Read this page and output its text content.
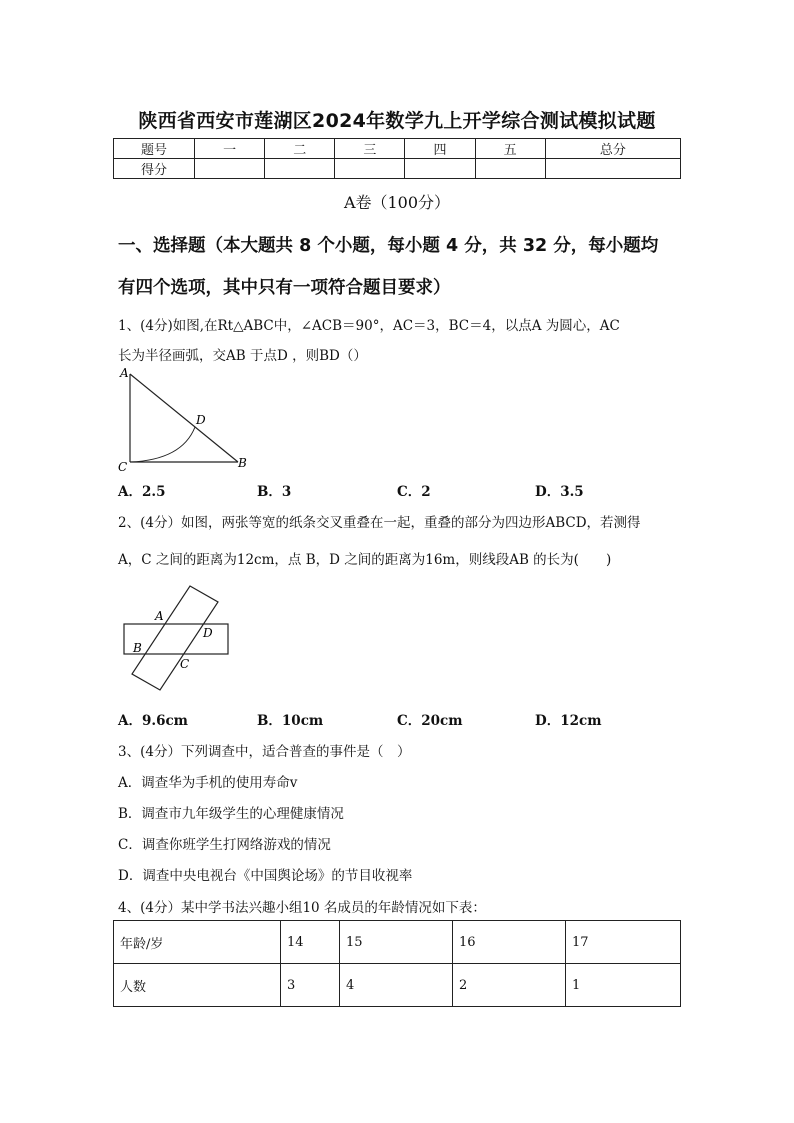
陕西省西安市莲湖区2024年数学九上开学综合测试模拟试题
题号	一	二	三	四	五	总分
得分						
A卷（100分）
一、选择题（本大题共 8 个小题，每小题 4 分，共 32 分，每小题均
有四个选项，其中只有一项符合题目要求）
1、(4分)如图,在Rt△ABC中，∠ACB＝90°，AC＝3，BC＝4，以点A 为圆心，AC
长为半径画弧，交AB 于点D ，则BD（）
A
D
C	B
A．2.5	B．3	C．2	D．3.5
2、(4分）如图，两张等宽的纸条交叉重叠在一起，重叠的部分为四边形ABCD，若测得
A，C 之间的距离为12cm，点 B，D 之间的距离为16m，则线段AB 的长为(　　)
A
D
B
C
A．9.6cm	B．10cm	C．20cm	D．12cm
3、(4分）下列调查中，适合普查的事件是（　）
A．调查华为手机的使用寿命v
B．调查市九年级学生的心理健康情况
C．调查你班学生打网络游戏的情况
D．调查中央电视台《中国舆论场》的节目收视率
4、(4分）某中学书法兴趣小组10 名成员的年龄情况如下表：
年龄/岁	14	15	16	17
人数	3	4	2	1
